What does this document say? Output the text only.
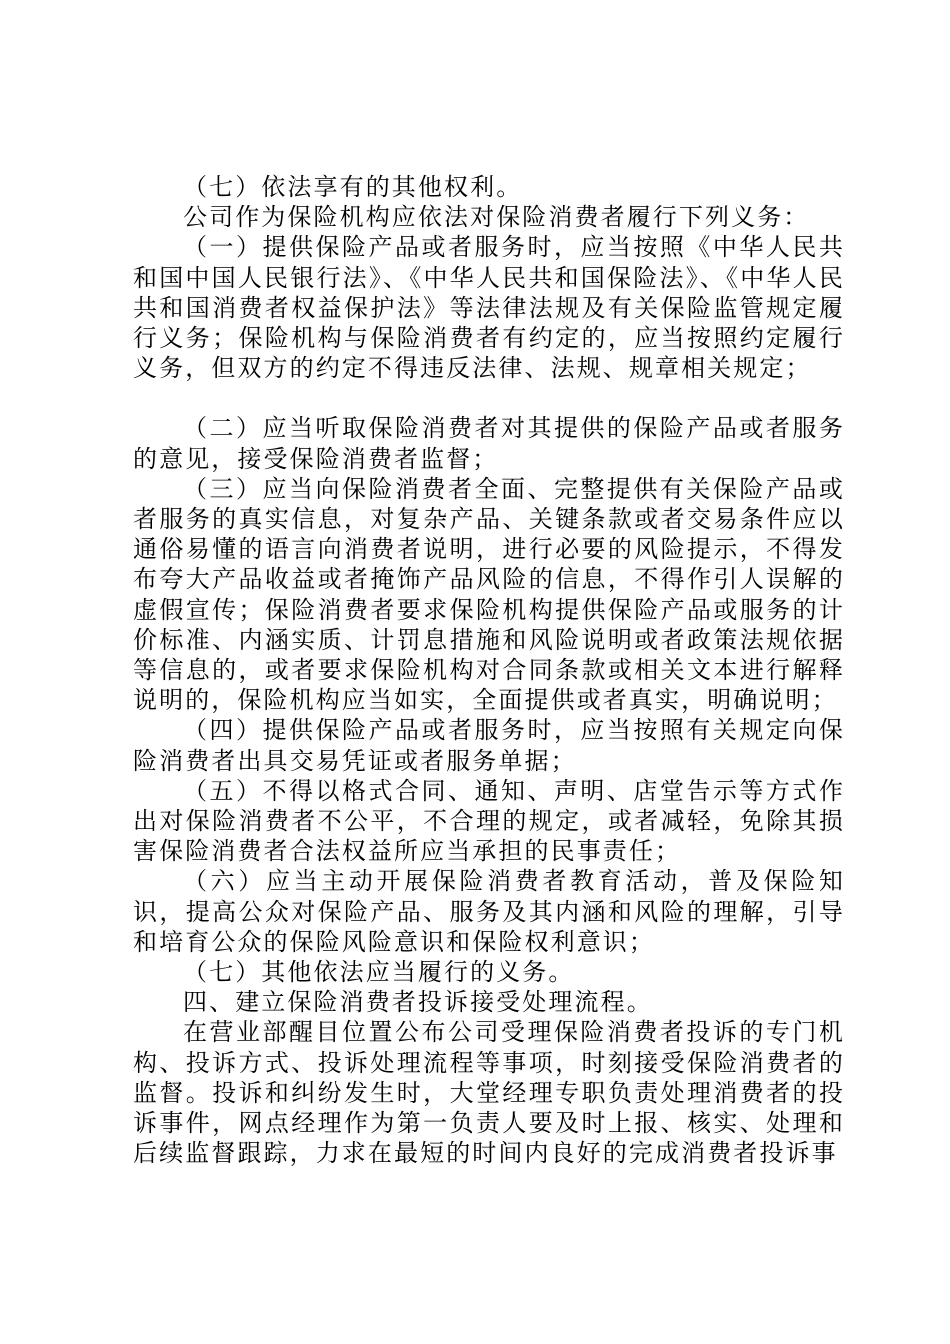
（七）依法享有的其他权利。

公司作为保险机构应依法对保险消费者履行下列义务：

（一）提供保险产品或者服务时，应当按照《中华人民共和国中国人民银行法》、《中华人民共和国保险法》、《中华人民共和国消费者权益保护法》等法律法规及有关保险监管规定履行义务；保险机构与保险消费者有约定的，应当按照约定履行义务，但双方的约定不得违反法律、法规、规章相关规定；

（二）应当听取保险消费者对其提供的保险产品或者服务的意见，接受保险消费者监督；

（三）应当向保险消费者全面、完整提供有关保险产品或者服务的真实信息，对复杂产品、关键条款或者交易条件应以通俗易懂的语言向消费者说明，进行必要的风险提示，不得发布夸大产品收益或者掩饰产品风险的信息，不得作引人误解的虚假宣传；保险消费者要求保险机构提供保险产品或服务的计价标准、内涵实质、计罚息措施和风险说明或者政策法规依据等信息的，或者要求保险机构对合同条款或相关文本进行解释说明的，保险机构应当如实，全面提供或者真实，明确说明；

（四）提供保险产品或者服务时，应当按照有关规定向保险消费者出具交易凭证或者服务单据；

（五）不得以格式合同、通知、声明、店堂告示等方式作出对保险消费者不公平，不合理的规定，或者减轻，免除其损害保险消费者合法权益所应当承担的民事责任；

（六）应当主动开展保险消费者教育活动，普及保险知识，提高公众对保险产品、服务及其内涵和风险的理解，引导和培育公众的保险风险意识和保险权利意识；

（七）其他依法应当履行的义务。

四、建立保险消费者投诉接受处理流程。

在营业部醒目位置公布公司受理保险消费者投诉的专门机构、投诉方式、投诉处理流程等事项，时刻接受保险消费者的监督。投诉和纠纷发生时，大堂经理专职负责处理消费者的投诉事件，网点经理作为第一负责人要及时上报、核实、处理和后续监督跟踪，力求在最短的时间内良好的完成消费者投诉事
